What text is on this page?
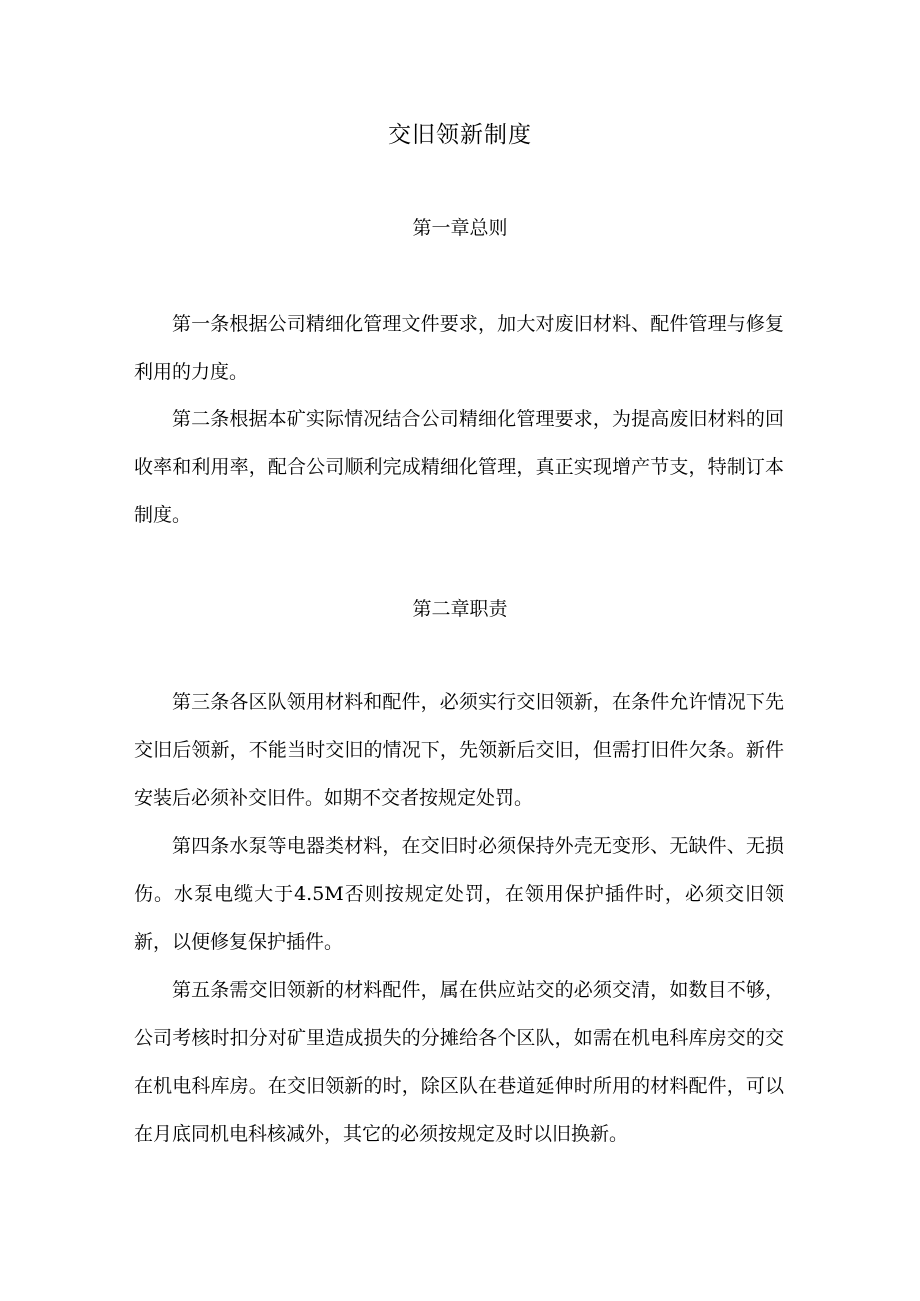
交旧领新制度
第一章总则

第一条根据公司精细化管理文件要求，加大对废旧材料、配件管理与修复利用的力度。

第二条根据本矿实际情况结合公司精细化管理要求，为提高废旧材料的回收率和利用率，配合公司顺利完成精细化管理，真正实现增产节支，特制订本制度。

第二章职责

第三条各区队领用材料和配件，必须实行交旧领新，在条件允许情况下先交旧后领新，不能当时交旧的情况下，先领新后交旧，但需打旧件欠条。新件安装后必须补交旧件。如期不交者按规定处罚。

第四条水泵等电器类材料，在交旧时必须保持外壳无变形、无缺件、无损伤。水泵电缆大于4.5M否则按规定处罚，在领用保护插件时，必须交旧领新，以便修复保护插件。

第五条需交旧领新的材料配件，属在供应站交的必须交清，如数目不够，公司考核时扣分对矿里造成损失的分摊给各个区队，如需在机电科库房交的交在机电科库房。在交旧领新的时，除区队在巷道延伸时所用的材料配件，可以在月底同机电科核减外，其它的必须按规定及时以旧换新。
